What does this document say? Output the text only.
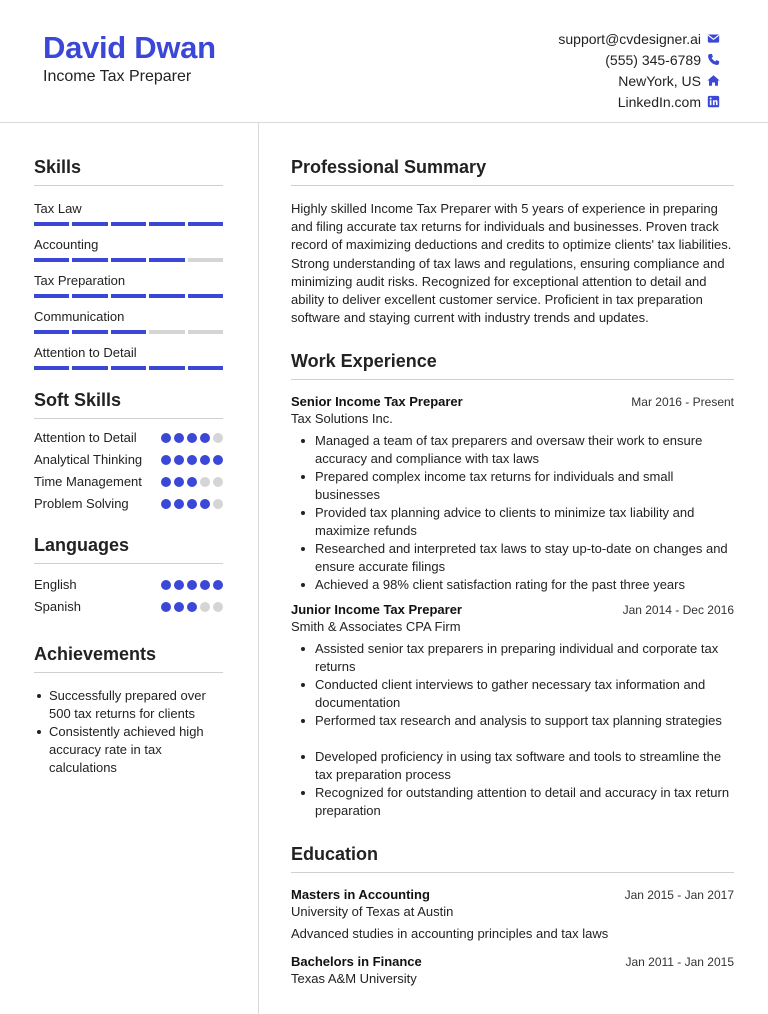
David Dwan
Income Tax Preparer
support@cvdesigner.ai
(555) 345-6789
NewYork, US
LinkedIn.com
Skills
Tax Law
Accounting
Tax Preparation
Communication
Attention to Detail
Soft Skills
Attention to Detail
Analytical Thinking
Time Management
Problem Solving
Languages
English
Spanish
Achievements
Successfully prepared over 500 tax returns for clients
Consistently achieved high accuracy rate in tax calculations
Professional Summary
Highly skilled Income Tax Preparer with 5 years of experience in preparing and filing accurate tax returns for individuals and businesses. Proven track record of maximizing deductions and credits to optimize clients' tax liabilities. Strong understanding of tax laws and regulations, ensuring compliance and minimizing audit risks. Recognized for exceptional attention to detail and ability to deliver excellent customer service. Proficient in tax preparation software and staying current with industry trends and updates.
Work Experience
Senior Income Tax Preparer	Mar 2016 - Present
Tax Solutions Inc.
Managed a team of tax preparers and oversaw their work to ensure accuracy and compliance with tax laws
Prepared complex income tax returns for individuals and small businesses
Provided tax planning advice to clients to minimize tax liability and maximize refunds
Researched and interpreted tax laws to stay up-to-date on changes and ensure accurate filings
Achieved a 98% client satisfaction rating for the past three years
Junior Income Tax Preparer	Jan 2014 - Dec 2016
Smith & Associates CPA Firm
Assisted senior tax preparers in preparing individual and corporate tax returns
Conducted client interviews to gather necessary tax information and documentation
Performed tax research and analysis to support tax planning strategies
Developed proficiency in using tax software and tools to streamline the tax preparation process
Recognized for outstanding attention to detail and accuracy in tax return preparation
Education
Masters in Accounting	Jan 2015 - Jan 2017
University of Texas at Austin
Advanced studies in accounting principles and tax laws
Bachelors in Finance	Jan 2011 - Jan 2015
Texas A&M University
